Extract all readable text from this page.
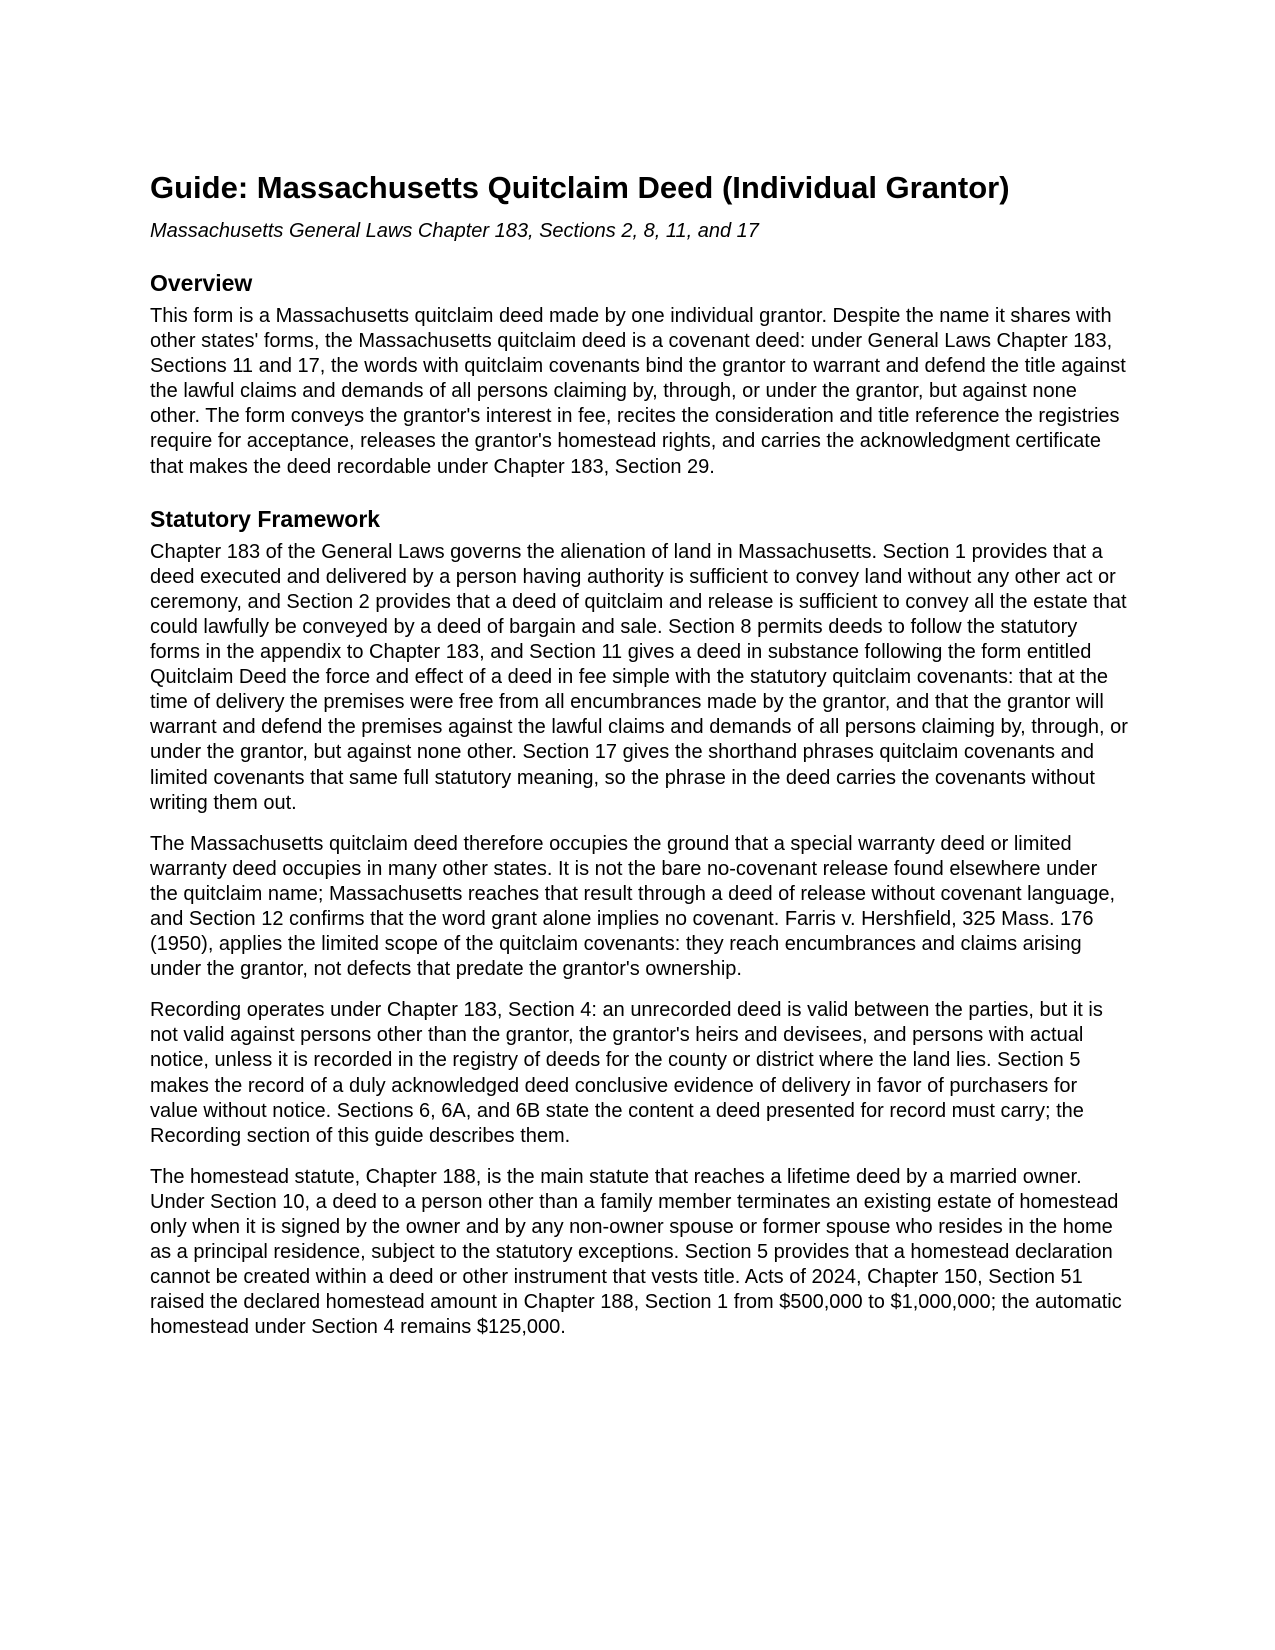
Guide: Massachusetts Quitclaim Deed (Individual Grantor)

Massachusetts General Laws Chapter 183, Sections 2, 8, 11, and 17

Overview

This form is a Massachusetts quitclaim deed made by one individual grantor. Despite the name it shares with other states' forms, the Massachusetts quitclaim deed is a covenant deed: under General Laws Chapter 183, Sections 11 and 17, the words with quitclaim covenants bind the grantor to warrant and defend the title against the lawful claims and demands of all persons claiming by, through, or under the grantor, but against none other. The form conveys the grantor's interest in fee, recites the consideration and title reference the registries require for acceptance, releases the grantor's homestead rights, and carries the acknowledgment certificate that makes the deed recordable under Chapter 183, Section 29.

Statutory Framework

Chapter 183 of the General Laws governs the alienation of land in Massachusetts. Section 1 provides that a deed executed and delivered by a person having authority is sufficient to convey land without any other act or ceremony, and Section 2 provides that a deed of quitclaim and release is sufficient to convey all the estate that could lawfully be conveyed by a deed of bargain and sale. Section 8 permits deeds to follow the statutory forms in the appendix to Chapter 183, and Section 11 gives a deed in substance following the form entitled Quitclaim Deed the force and effect of a deed in fee simple with the statutory quitclaim covenants: that at the time of delivery the premises were free from all encumbrances made by the grantor, and that the grantor will warrant and defend the premises against the lawful claims and demands of all persons claiming by, through, or under the grantor, but against none other. Section 17 gives the shorthand phrases quitclaim covenants and limited covenants that same full statutory meaning, so the phrase in the deed carries the covenants without writing them out.

The Massachusetts quitclaim deed therefore occupies the ground that a special warranty deed or limited warranty deed occupies in many other states. It is not the bare no-covenant release found elsewhere under the quitclaim name; Massachusetts reaches that result through a deed of release without covenant language, and Section 12 confirms that the word grant alone implies no covenant. Farris v. Hershfield, 325 Mass. 176 (1950), applies the limited scope of the quitclaim covenants: they reach encumbrances and claims arising under the grantor, not defects that predate the grantor's ownership.

Recording operates under Chapter 183, Section 4: an unrecorded deed is valid between the parties, but it is not valid against persons other than the grantor, the grantor's heirs and devisees, and persons with actual notice, unless it is recorded in the registry of deeds for the county or district where the land lies. Section 5 makes the record of a duly acknowledged deed conclusive evidence of delivery in favor of purchasers for value without notice. Sections 6, 6A, and 6B state the content a deed presented for record must carry; the Recording section of this guide describes them.

The homestead statute, Chapter 188, is the main statute that reaches a lifetime deed by a married owner. Under Section 10, a deed to a person other than a family member terminates an existing estate of homestead only when it is signed by the owner and by any non-owner spouse or former spouse who resides in the home as a principal residence, subject to the statutory exceptions. Section 5 provides that a homestead declaration cannot be created within a deed or other instrument that vests title. Acts of 2024, Chapter 150, Section 51 raised the declared homestead amount in Chapter 188, Section 1 from $500,000 to $1,000,000; the automatic homestead under Section 4 remains $125,000.
